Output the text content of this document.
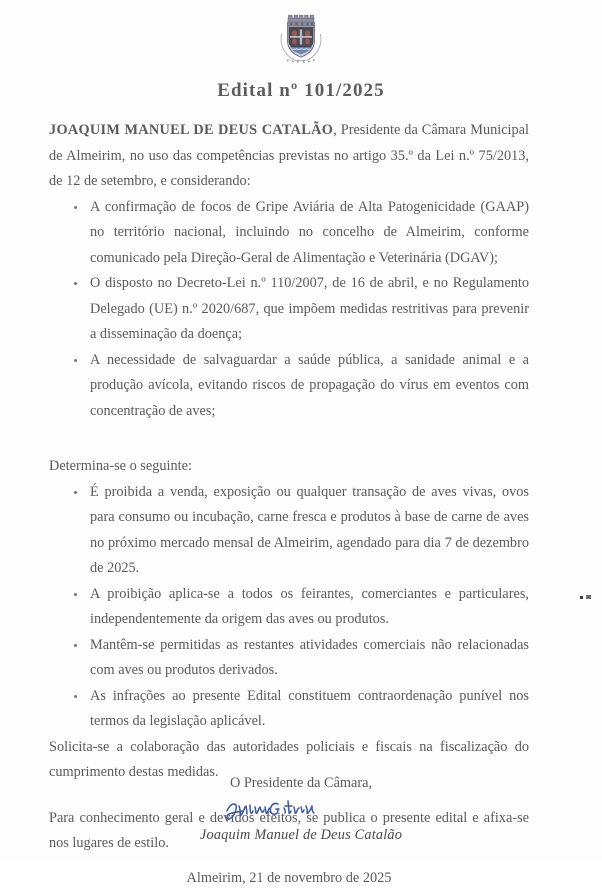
Edital nº 101/2025

JOAQUIM MANUEL DE DEUS CATALÃO, Presidente da Câmara Municipal de Almeirim, no uso das competências previstas no artigo 35.º da Lei n.º 75/2013, de 12 de setembro, e considerando:

A confirmação de focos de Gripe Aviária de Alta Patogenicidade (GAAP) no território nacional, incluindo no concelho de Almeirim, conforme comunicado pela Direção-Geral de Alimentação e Veterinária (DGAV);
O disposto no Decreto-Lei n.º 110/2007, de 16 de abril, e no Regulamento Delegado (UE) n.º 2020/687, que impõem medidas restritivas para prevenir a disseminação da doença;
A necessidade de salvaguardar a saúde pública, a sanidade animal e a produção avícola, evitando riscos de propagação do vírus em eventos com concentração de aves;

Determina-se o seguinte:

É proibida a venda, exposição ou qualquer transação de aves vivas, ovos para consumo ou incubação, carne fresca e produtos à base de carne de aves no próximo mercado mensal de Almeirim, agendado para dia 7 de dezembro de 2025.
A proibição aplica-se a todos os feirantes, comerciantes e particulares, independentemente da origem das aves ou produtos.
Mantêm-se permitidas as restantes atividades comerciais não relacionadas com aves ou produtos derivados.
As infrações ao presente Edital constituem contraordenação punível nos termos da legislação aplicável.

Solicita-se a colaboração das autoridades policiais e fiscais na fiscalização do cumprimento destas medidas.

Para conhecimento geral e devidos efeitos, se publica o presente edital e afixa-se nos lugares de estilo.

Almeirim, 21 de novembro de 2025
O Presidente da Câmara,
Joaquim Manuel de Deus Catalão
